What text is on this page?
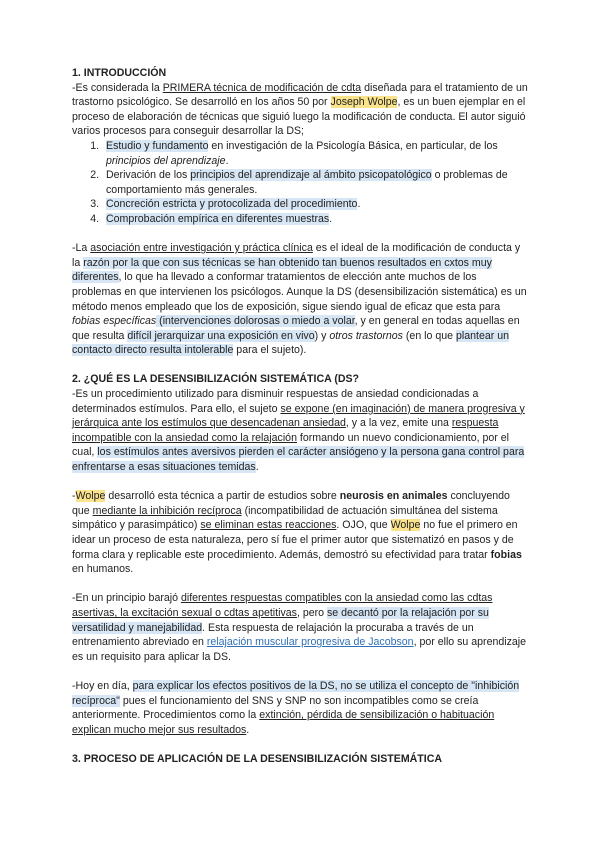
1. INTRODUCCIÓN

-Es considerada la PRIMERA técnica de modificación de cdta diseñada para el tratamiento de un trastorno psicológico. Se desarrolló en los años 50 por Joseph Wolpe, es un buen ejemplar en el proceso de elaboración de técnicas que siguió luego la modificación de conducta. El autor siguió varios procesos para conseguir desarrollar la DS;

1. Estudio y fundamento en investigación de la Psicología Básica, en particular, de los principios del aprendizaje.
2. Derivación de los principios del aprendizaje al ámbito psicopatológico o problemas de comportamiento más generales.
3. Concreción estricta y protocolizada del procedimiento.
4. Comprobación empírica en diferentes muestras.

-La asociación entre investigación y práctica clínica es el ideal de la modificación de conducta y la razón por la que con sus técnicas se han obtenido tan buenos resultados en cxtos muy diferentes, lo que ha llevado a conformar tratamientos de elección ante muchos de los problemas en que intervienen los psicólogos. Aunque la DS (desensibilización sistemática) es un método menos empleado que los de exposición, sigue siendo igual de eficaz que esta para fobias específicas (intervenciones dolorosas o miedo a volar, y en general en todas aquellas en que resulta difícil jerarquizar una exposición en vivo) y otros trastornos (en lo que plantear un contacto directo resulta intolerable para el sujeto).

2. ¿QUÉ ES LA DESENSIBILIZACIÓN SISTEMÁTICA (DS?

-Es un procedimiento utilizado para disminuir respuestas de ansiedad condicionadas a determinados estímulos. Para ello, el sujeto se expone (en imaginación) de manera progresiva y jerárquica ante los estímulos que desencadenan ansiedad, y a la vez, emite una respuesta incompatible con la ansiedad como la relajación formando un nuevo condicionamiento, por el cual, los estímulos antes aversivos pierden el carácter ansiógeno y la persona gana control para enfrentarse a esas situaciones temidas.

-Wolpe desarrolló esta técnica a partir de estudios sobre neurosis en animales concluyendo que mediante la inhibición recíproca (incompatibilidad de actuación simultánea del sistema simpático y parasimpático) se eliminan estas reacciones. OJO, que Wolpe no fue el primero en idear un proceso de esta naturaleza, pero sí fue el primer autor que sistematizó en pasos y de forma clara y replicable este procedimiento. Además, demostró su efectividad para tratar fobias en humanos.

-En un principio barajó diferentes respuestas compatibles con la ansiedad como las cdtas asertivas, la excitación sexual o cdtas apetitivas, pero se decantó por la relajación por su versatilidad y manejabilidad. Esta respuesta de relajación la procuraba a través de un entrenamiento abreviado en relajación muscular progresiva de Jacobson, por ello su aprendizaje es un requisito para aplicar la DS.

-Hoy en día, para explicar los efectos positivos de la DS, no se utiliza el concepto de "inhibición recíproca" pues el funcionamiento del SNS y SNP no son incompatibles como se creía anteriormente. Procedimientos como la extinción, pérdida de sensibilización o habituación explican mucho mejor sus resultados.

3. PROCESO DE APLICACIÓN DE LA DESENSIBILIZACIÓN SISTEMÁTICA
